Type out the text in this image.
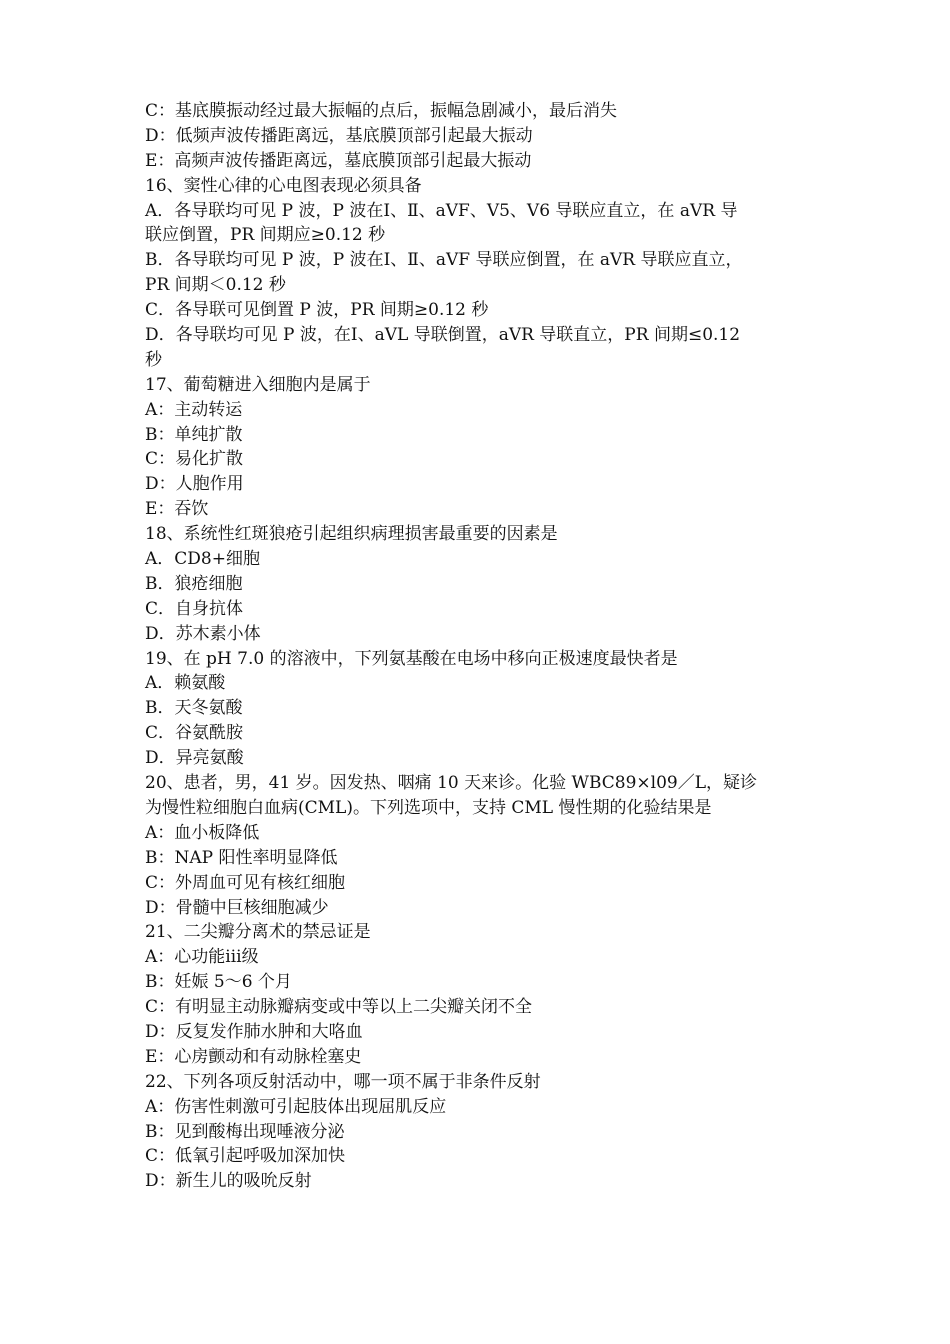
C：基底膜振动经过最大振幅的点后，振幅急剧减小，最后消失
D：低频声波传播距离远，基底膜顶部引起最大振动
E：高频声波传播距离远，墓底膜顶部引起最大振动
16、窦性心律的心电图表现必须具备
A．各导联均可见 P 波，P 波在Ⅰ、Ⅱ、aVF、V5、V6 导联应直立，在 aVR 导
联应倒置，PR 间期应≥0.12 秒
B．各导联均可见 P 波，P 波在Ⅰ、Ⅱ、aVF 导联应倒置，在 aVR 导联应直立，
PR 间期＜0.12 秒
C．各导联可见倒置 P 波，PR 间期≥0.12 秒
D．各导联均可见 P 波，在Ⅰ、aVL 导联倒置，aVR 导联直立，PR 间期≤0.12
秒
17、葡萄糖进入细胞内是属于
A：主动转运
B：单纯扩散
C：易化扩散
D：人胞作用
E：吞饮
18、系统性红斑狼疮引起组织病理损害最重要的因素是
A．CD8+细胞
B．狼疮细胞
C．自身抗体
D．苏木素小体
19、在 pH 7.0 的溶液中，下列氨基酸在电场中移向正极速度最快者是
A．赖氨酸
B．天冬氨酸
C．谷氨酰胺
D．异亮氨酸
20、患者，男，41 岁。因发热、咽痛 10 天来诊。化验 WBC89×l09／L，疑诊
为慢性粒细胞白血病(CML)。下列选项中，支持 CML 慢性期的化验结果是
A：血小板降低
B：NAP 阳性率明显降低
C：外周血可见有核红细胞
D：骨髓中巨核细胞减少
21、二尖瓣分离术的禁忌证是
A：心功能ⅲ级
B：妊娠 5～6 个月
C：有明显主动脉瓣病变或中等以上二尖瓣关闭不全
D：反复发作肺水肿和大咯血
E：心房颤动和有动脉栓塞史
22、下列各项反射活动中，哪一项不属于非条件反射
A：伤害性刺激可引起肢体出现屈肌反应
B：见到酸梅出现唾液分泌
C：低氧引起呼吸加深加快
D：新生儿的吸吮反射
